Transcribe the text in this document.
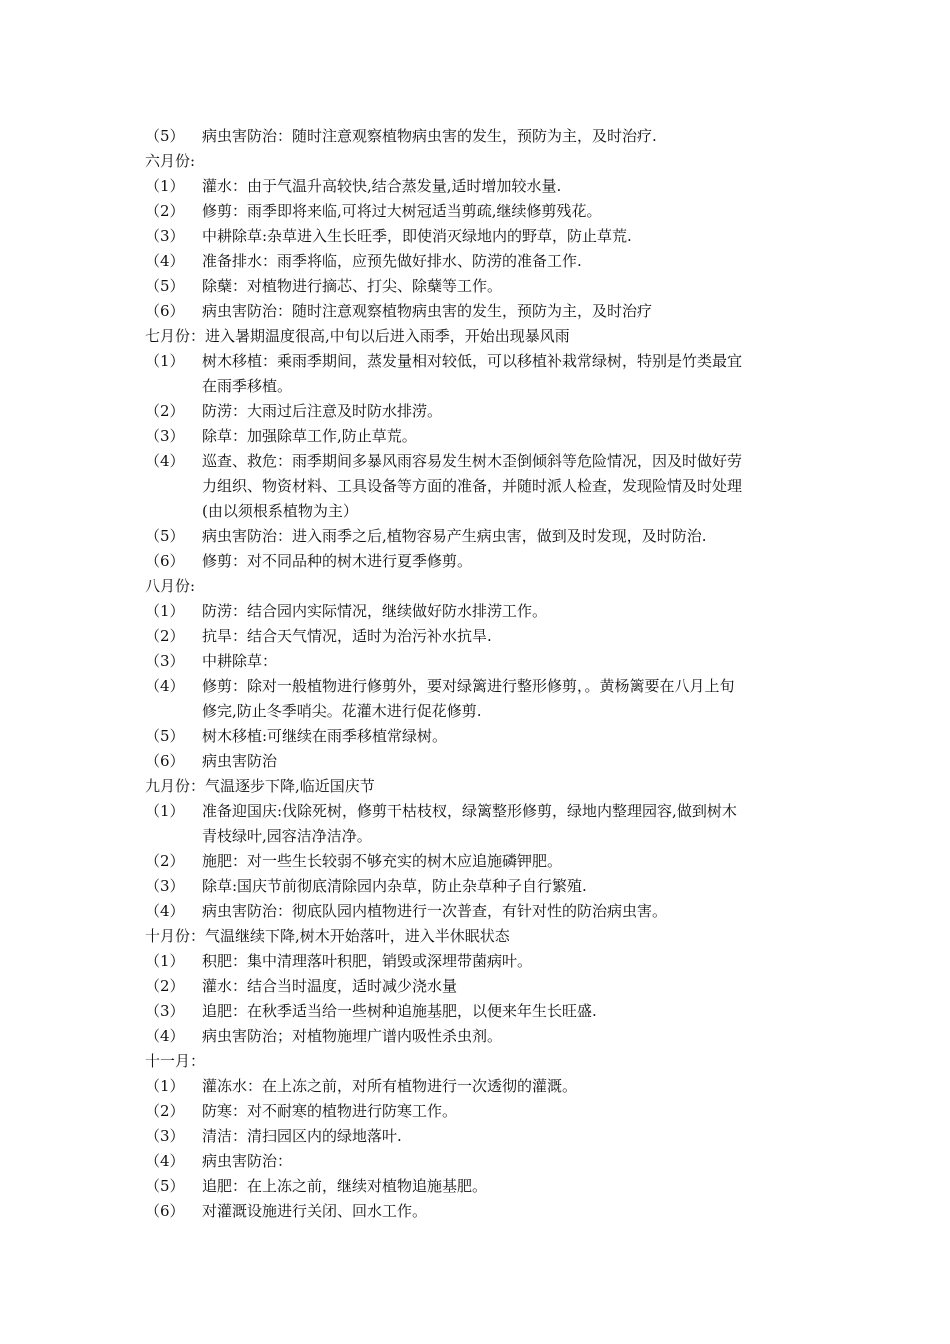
（5） 病虫害防治：随时注意观察植物病虫害的发生，预防为主，及时治疗.
六月份:
（1） 灌水：由于气温升高较快,结合蒸发量,适时增加较水量.
（2） 修剪：雨季即将来临,可将过大树冠适当剪疏,继续修剪残花。
（3） 中耕除草:杂草进入生长旺季，即使消灭绿地内的野草，防止草荒.
（4） 准备排水：雨季将临，应预先做好排水、防涝的准备工作.
（5） 除蘖：对植物进行摘芯、打尖、除蘖等工作。
（6） 病虫害防治：随时注意观察植物病虫害的发生，预防为主，及时治疗
七月份：进入暑期温度很高,中旬以后进入雨季，开始出现暴风雨
（1） 树木移植：乘雨季期间，蒸发量相对较低，可以移植补栽常绿树，特别是竹类最宜
在雨季移植。
（2） 防涝：大雨过后注意及时防水排涝。
（3） 除草：加强除草工作,防止草荒。
（4） 巡查、救危：雨季期间多暴风雨容易发生树木歪倒倾斜等危险情况，因及时做好劳
力组织、物资材料、工具设备等方面的准备，并随时派人检查，发现险情及时处理
(由以须根系植物为主）
（5） 病虫害防治：进入雨季之后,植物容易产生病虫害，做到及时发现，及时防治.
（6） 修剪：对不同品种的树木进行夏季修剪。
八月份:
（1） 防涝：结合园内实际情况，继续做好防水排涝工作。
（2） 抗旱：结合天气情况，适时为治污补水抗旱.
（3） 中耕除草：
（4） 修剪：除对一般植物进行修剪外，要对绿篱进行整形修剪，。黄杨篱要在八月上旬
修完,防止冬季哨尖。花灌木进行促花修剪.
（5） 树木移植:可继续在雨季移植常绿树。
（6） 病虫害防治
九月份：气温逐步下降,临近国庆节
（1） 准备迎国庆:伐除死树，修剪干枯枝杈，绿篱整形修剪，绿地内整理园容,做到树木
青枝绿叶,园容洁净洁净。
（2） 施肥：对一些生长较弱不够充实的树木应追施磷钾肥。
（3） 除草:国庆节前彻底清除园内杂草，防止杂草种子自行繁殖.
（4） 病虫害防治：彻底队园内植物进行一次普查，有针对性的防治病虫害。
十月份：气温继续下降,树木开始落叶，进入半休眠状态
（1） 积肥：集中清理落叶积肥，销毁或深埋带菌病叶。
（2） 灌水：结合当时温度，适时减少浇水量
（3） 追肥：在秋季适当给一些树种追施基肥，以便来年生长旺盛.
（4） 病虫害防治；对植物施埋广谱内吸性杀虫剂。
十一月：
（1） 灌冻水：在上冻之前，对所有植物进行一次透彻的灌溉。
（2） 防寒：对不耐寒的植物进行防寒工作。
（3） 清洁：清扫园区内的绿地落叶.
（4） 病虫害防治：
（5） 追肥：在上冻之前，继续对植物追施基肥。
（6） 对灌溉设施进行关闭、回水工作。
